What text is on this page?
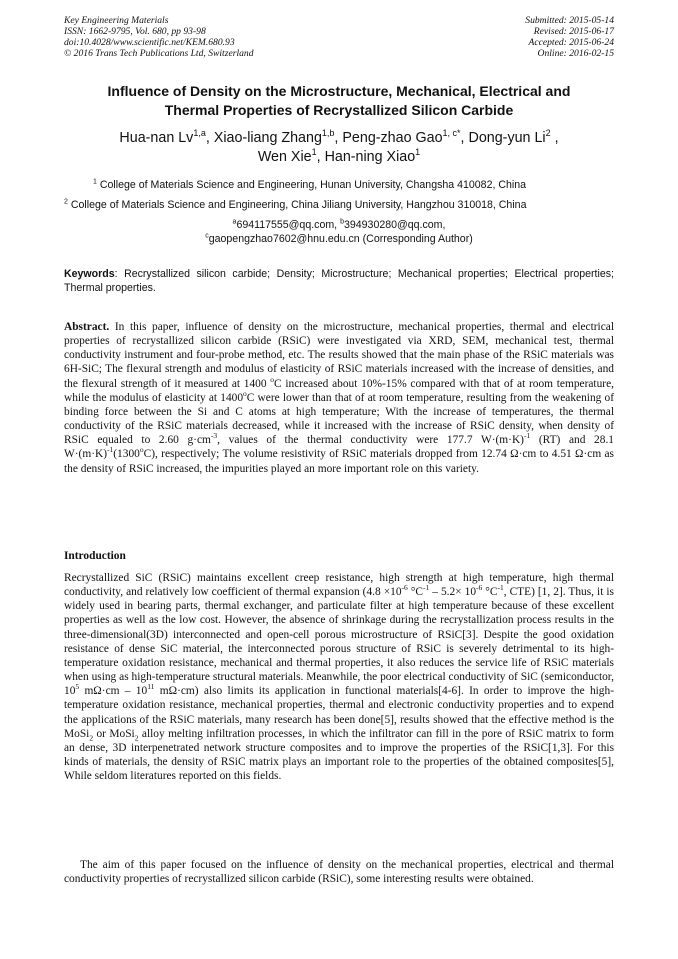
Key Engineering Materials
ISSN: 1662-9795, Vol. 680, pp 93-98
doi:10.4028/www.scientific.net/KEM.680.93
© 2016 Trans Tech Publications Ltd, Switzerland
Submitted: 2015-05-14
Revised: 2015-06-17
Accepted: 2015-06-24
Online: 2016-02-15
Influence of Density on the Microstructure, Mechanical, Electrical and
Thermal Properties of Recrystallized Silicon Carbide
Hua-nan Lv$^{1,a}$, Xiao-liang Zhang$^{1,b}$, Peng-zhao Gao$^{1, c*}$, Dong-yun Li$^2$ ,
Wen Xie$^1$, Han-ning Xiao$^1$
$^1$ College of Materials Science and Engineering, Hunan University, Changsha 410082, China
$^2$ College of Materials Science and Engineering, China Jiliang University, Hangzhou 310018, China
$^a$694117555@qq.com, $^b$394930280@qq.com,
$^c$gaopengzhao7602@hnu.edu.cn (Corresponding Author)
Keywords: Recrystallized silicon carbide; Density; Microstructure; Mechanical properties; Electrical properties; Thermal properties.
Abstract. In this paper, influence of density on the microstructure, mechanical properties, thermal and electrical properties of recrystallized silicon carbide (RSiC) were investigated via XRD, SEM, mechanical test, thermal conductivity instrument and four-probe method, etc. The results showed that the main phase of the RSiC materials was 6H-SiC; The flexural strength and modulus of elasticity of RSiC materials increased with the increase of densities, and the flexural strength of it measured at 1400 $^o$C increased about 10%-15% compared with that of at room temperature, while the modulus of elasticity at 1400$^o$C were lower than that of at room temperature, resulting from the weakening of binding force between the Si and C atoms at high temperature; With the increase of temperatures, the thermal conductivity of the RSiC materials decreased, while it increased with the increase of RSiC density, when density of RSiC equaled to 2.60 $g\cdot cm^{-3}$, values of the thermal conductivity were 177.7 $W\cdot(m\cdot K)^{-1}$ (RT) and 28.1 $W\cdot(m\cdot K)^{-1}(1300^oC)$, respectively; The volume resistivity of RSiC materials dropped from 12.74 Ω·cm to 4.51 Ω·cm as the density of RSiC increased, the impurities played an more important role on this variety.
Introduction
Recrystallized SiC (RSiC) maintains excellent creep resistance, high strength at high temperature, high thermal conductivity, and relatively low coefficient of thermal expansion ($4.8 \times 10^{-6}$ $^\circ C^{-1} - 5.2\times 10^{-6}$ $^\circ C^{-1}$, CTE) [1, 2]. Thus, it is widely used in bearing parts, thermal exchanger, and particulate filter at high temperature because of these excellent properties as well as the low cost. However, the absence of shrinkage during the recrystallization process results in the three-dimensional(3D) interconnected and open-cell porous microstructure of RSiC[3]. Despite the good oxidation resistance of dense SiC material, the interconnected porous structure of RSiC is severely detrimental to its high-temperature oxidation resistance, mechanical and thermal properties, it also reduces the service life of RSiC materials when using as high-temperature structural materials. Meanwhile, the poor electrical conductivity of SiC (semiconductor, $10^5$ $m\Omega\cdot cm - 10^{11}$ mΩ·cm) also limits its application in functional materials[4-6]. In order to improve the high-temperature oxidation resistance, mechanical properties, thermal and electronic conductivity properties and to expend the applications of the RSiC materials, many research has been done[5], results showed that the effective method is the MoSi$_2$ or MoSi$_2$ alloy melting infiltration processes, in which the infiltrator can fill in the pore of RSiC matrix to form an dense, 3D interpenetrated network structure composites and to improve the properties of the RSiC[1,3]. For this kinds of materials, the density of RSiC matrix plays an important role to the properties of the obtained composites[5], While seldom literatures reported on this fields.
The aim of this paper focused on the influence of density on the mechanical properties, electrical and thermal conductivity properties of recrystallized silicon carbide (RSiC), some interesting results were obtained.
